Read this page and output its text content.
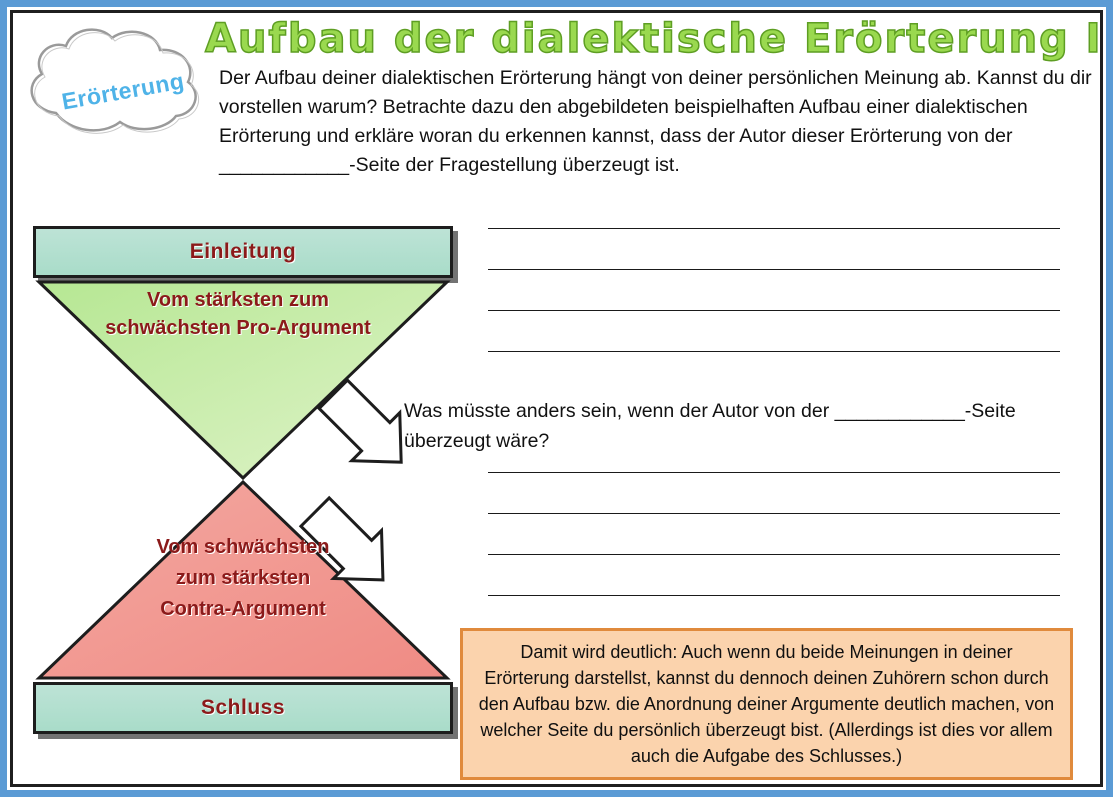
Erörterung
Aufbau der dialektische Erörterung I
Der Aufbau deiner dialektischen Erörterung hängt von deiner persönlichen Meinung ab. Kannst du dir vorstellen warum? Betrachte dazu den abgebildeten beispielhaften Aufbau einer dialektischen Erörterung und erkläre woran du erkennen kannst, dass der Autor dieser Erörterung von der ____________-Seite der Fragestellung überzeugt ist.
Einleitung
Vom stärksten zum schwächsten Pro-Argument
Vom schwächsten zum stärksten Contra-Argument
Schluss
Was müsste anders sein, wenn der Autor von der ____________-Seite überzeugt wäre?
Damit wird deutlich: Auch wenn du beide Meinungen in deiner Erörterung darstellst, kannst du dennoch deinen Zuhörern schon durch den Aufbau bzw. die Anordnung deiner Argumente deutlich machen, von welcher Seite du persönlich überzeugt bist. (Allerdings ist dies vor allem auch die Aufgabe des Schlusses.)
